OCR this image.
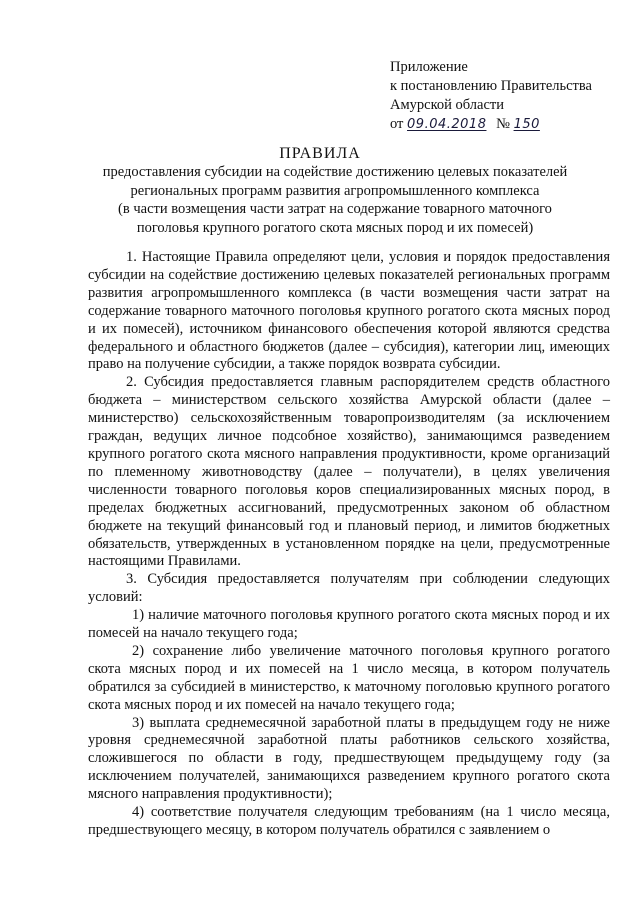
Приложение
к постановлению Правительства
Амурской области
от 09.04.2018 № 150
ПРАВИЛА
предоставления субсидии на содействие достижению целевых показателей
региональных программ развития агропромышленного комплекса
(в части возмещения части затрат на содержание товарного маточного
поголовья крупного рогатого скота мясных пород и их помесей)

1. Настоящие Правила определяют цели, условия и порядок предоставления субсидии на содействие достижению целевых показателей региональных программ развития агропромышленного комплекса (в части возмещения части затрат на содержание товарного маточного поголовья крупного рогатого скота мясных пород и их помесей), источником финансового обеспечения которой являются средства федерального и областного бюджетов (далее – субсидия), категории лиц, имеющих право на получение субсидии, а также порядок возврата субсидии.

2. Субсидия предоставляется главным распорядителем средств областного бюджета – министерством сельского хозяйства Амурской области (далее – министерство) сельскохозяйственным товаропроизводителям (за исключением граждан, ведущих личное подсобное хозяйство), занимающимся разведением крупного рогатого скота мясного направления продуктивности, кроме организаций по племенному животноводству (далее – получатели), в целях увеличения численности товарного поголовья коров специализированных мясных пород, в пределах бюджетных ассигнований, предусмотренных законом об областном бюджете на текущий финансовый год и плановый период, и лимитов бюджетных обязательств, утвержденных в установленном порядке на цели, предусмотренные настоящими Правилами.

3. Субсидия предоставляется получателям при соблюдении следующих условий:

1) наличие маточного поголовья крупного рогатого скота мясных пород и их помесей на начало текущего года;

2) сохранение либо увеличение маточного поголовья крупного рогатого скота мясных пород и их помесей на 1 число месяца, в котором получатель обратился за субсидией в министерство, к маточному поголовью крупного рогатого скота мясных пород и их помесей на начало текущего года;

3) выплата среднемесячной заработной платы в предыдущем году не ниже уровня среднемесячной заработной платы работников сельского хозяйства, сложившегося по области в году, предшествующем предыдущему году (за исключением получателей, занимающихся разведением крупного рогатого скота мясного направления продуктивности);

4) соответствие получателя следующим требованиям (на 1 число месяца, предшествующего месяцу, в котором получатель обратился с заявлением о
